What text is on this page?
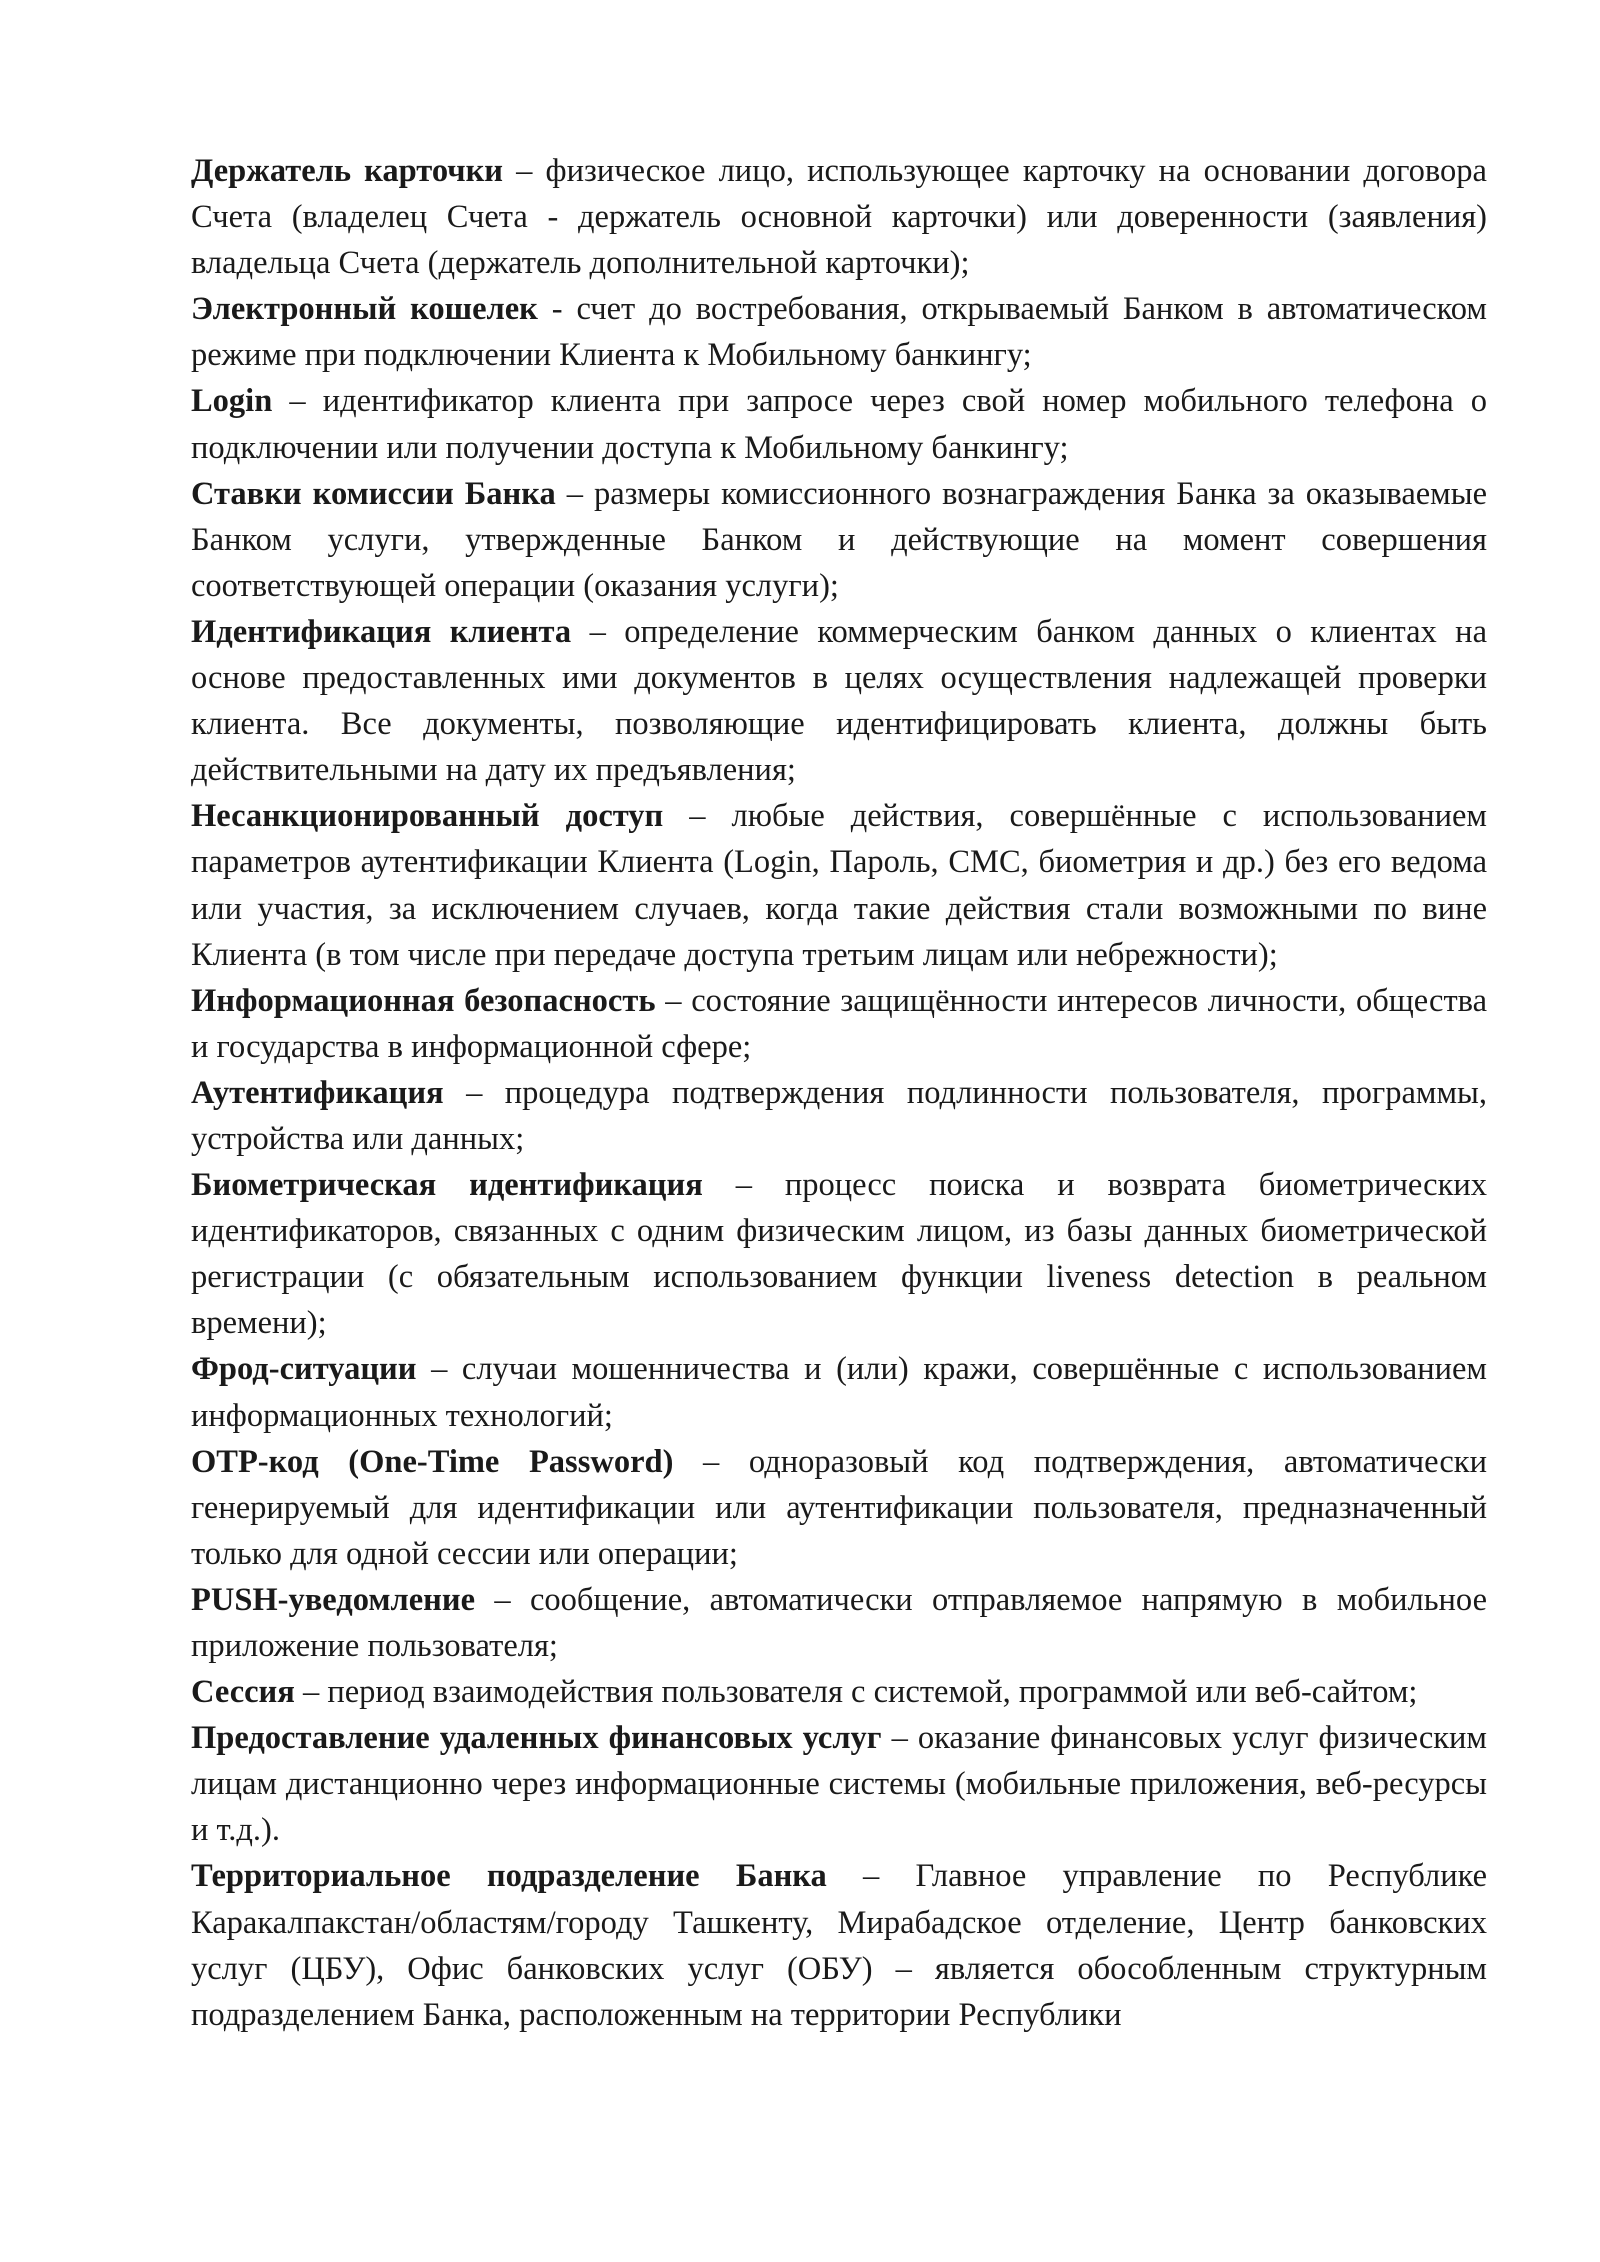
Держатель карточки – физическое лицо, использующее карточку на основании договора Счета (владелец Счета - держатель основной карточки) или доверенности (заявления) владельца Счета (держатель дополнительной карточки);

Электронный кошелек - счет до востребования, открываемый Банком в автоматическом режиме при подключении Клиента к Мобильному банкингу;

Login – идентификатор клиента при запросе через свой номер мобильного телефона о подключении или получении доступа к Мобильному банкингу;

Ставки комиссии Банка – размеры комиссионного вознаграждения Банка за оказываемые Банком услуги, утвержденные Банком и действующие на момент совершения соответствующей операции (оказания услуги);

Идентификация клиента – определение коммерческим банком данных о клиентах на основе предоставленных ими документов в целях осуществления надлежащей проверки клиента. Все документы, позволяющие идентифицировать клиента, должны быть действительными на дату их предъявления;

Несанкционированный доступ – любые действия, совершённые с использованием параметров аутентификации Клиента (Login, Пароль, СМС, биометрия и др.) без его ведома или участия, за исключением случаев, когда такие действия стали возможными по вине Клиента (в том числе при передаче доступа третьим лицам или небрежности);

Информационная безопасность – состояние защищённости интересов личности, общества и государства в информационной сфере;

Аутентификация – процедура подтверждения подлинности пользователя, программы, устройства или данных;

Биометрическая идентификация – процесс поиска и возврата биометрических идентификаторов, связанных с одним физическим лицом, из базы данных биометрической регистрации (с обязательным использованием функции liveness detection в реальном времени);

Фрод-ситуации – случаи мошенничества и (или) кражи, совершённые с использованием информационных технологий;

OTP-код (One-Time Password) – одноразовый код подтверждения, автоматически генерируемый для идентификации или аутентификации пользователя, предназначенный только для одной сессии или операции;

PUSH-уведомление – сообщение, автоматически отправляемое напрямую в мобильное приложение пользователя;

Сессия – период взаимодействия пользователя с системой, программой или веб-сайтом;

Предоставление удаленных финансовых услуг – оказание финансовых услуг физическим лицам дистанционно через информационные системы (мобильные приложения, веб-ресурсы и т.д.).

Территориальное подразделение Банка – Главное управление по Республике Каракалпакстан/областям/городу Ташкенту, Мирабадское отделение, Центр банковских услуг (ЦБУ), Офис банковских услуг (ОБУ) – является обособленным структурным подразделением Банка, расположенным на территории Республики
